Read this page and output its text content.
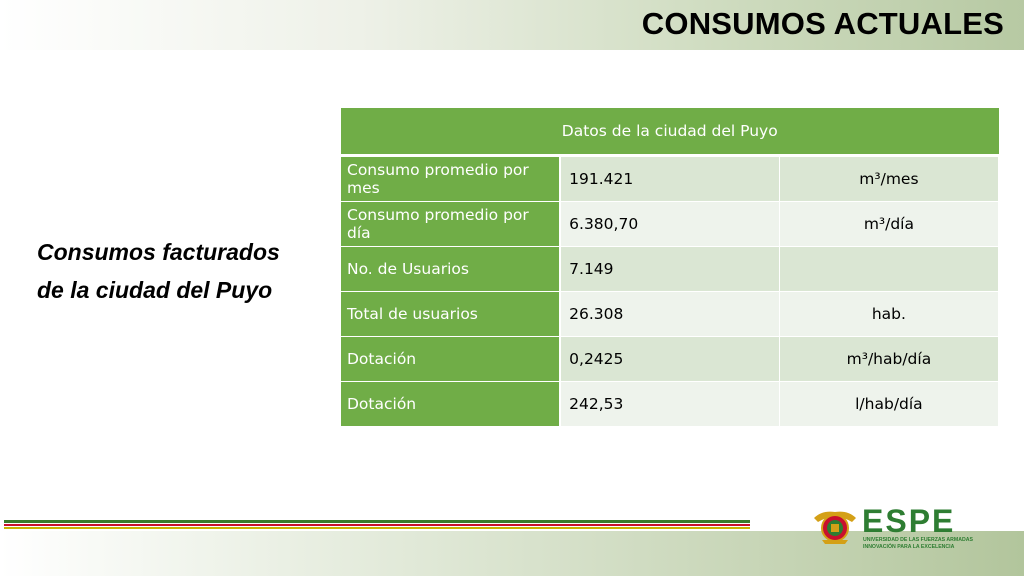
CONSUMOS ACTUALES
Consumos facturados
de la ciudad del Puyo
Datos de la ciudad del Puyo		
Consumo promedio por mes	191.421	m³/mes
Consumo promedio por día	6.380,70	m³/día
No. de Usuarios	7.149	
Total de usuarios	26.308	hab.
Dotación	0,2425	m³/hab/día
Dotación	242,53	l/hab/día
ESPE
UNIVERSIDAD DE LAS FUERZAS ARMADAS
INNOVACIÓN PARA LA EXCELENCIA
